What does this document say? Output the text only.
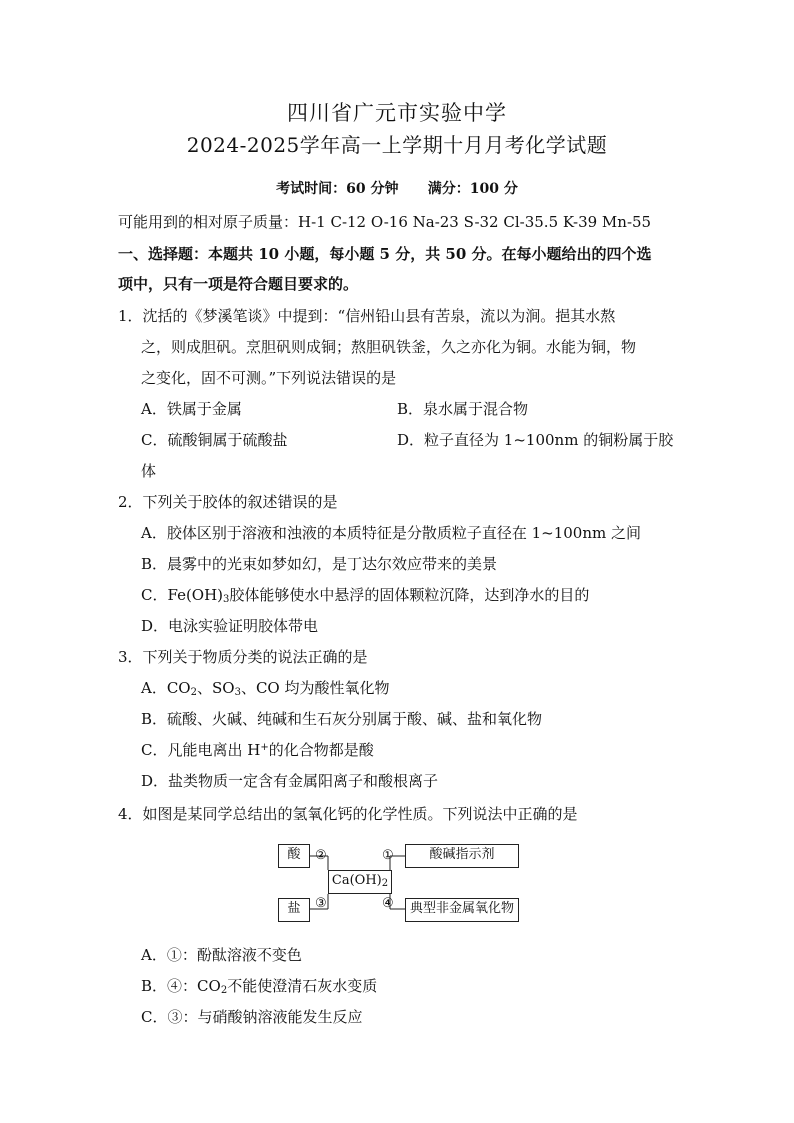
四川省广元市实验中学
2024-2025学年高一上学期十月月考化学试题
考试时间：60 分钟      满分：100 分
可能用到的相对原子质量：H-1 C-12 O-16 Na-23 S-32 Cl-35.5 K-39 Mn-55
一、选择题：本题共 10 小题，每小题 5 分，共 50 分。在每小题给出的四个选
项中，只有一项是符合题目要求的。
1．沈括的《梦溪笔谈》中提到：“信州铅山县有苦泉，流以为涧。挹其水熬
之，则成胆矾。烹胆矾则成铜；熬胆矾铁釜，久之亦化为铜。水能为铜，物
之变化，固不可测。”下列说法错误的是
A．铁属于金属	B．泉水属于混合物
C．硫酸铜属于硫酸盐	D．粒子直径为 1~100nm 的铜粉属于胶
体
2．下列关于胶体的叙述错误的是
A．胶体区别于溶液和浊液的本质特征是分散质粒子直径在 1~100nm 之间
B．晨雾中的光束如梦如幻，是丁达尔效应带来的美景
C．$Fe(OH)_3$胶体能够使水中悬浮的固体颗粒沉降，达到净水的目的
D．电泳实验证明胶体带电
3．下列关于物质分类的说法正确的是
A．$CO_2$、$SO_3$、CO 均为酸性氧化物
B．硫酸、火碱、纯碱和生石灰分别属于酸、碱、盐和氧化物
C．凡能电离出 H+的化合物都是酸
D．盐类物质一定含有金属阳离子和酸根离子
4．如图是某同学总结出的氢氧化钙的化学性质。下列说法中正确的是
酸
盐
$Ca(OH)_2$
酸碱指示剂
典型非金属氧化物
②
③
①
④
A．①：酚酞溶液不变色
B．④：$CO_2$不能使澄清石灰水变质
C．③：与硝酸钠溶液能发生反应
